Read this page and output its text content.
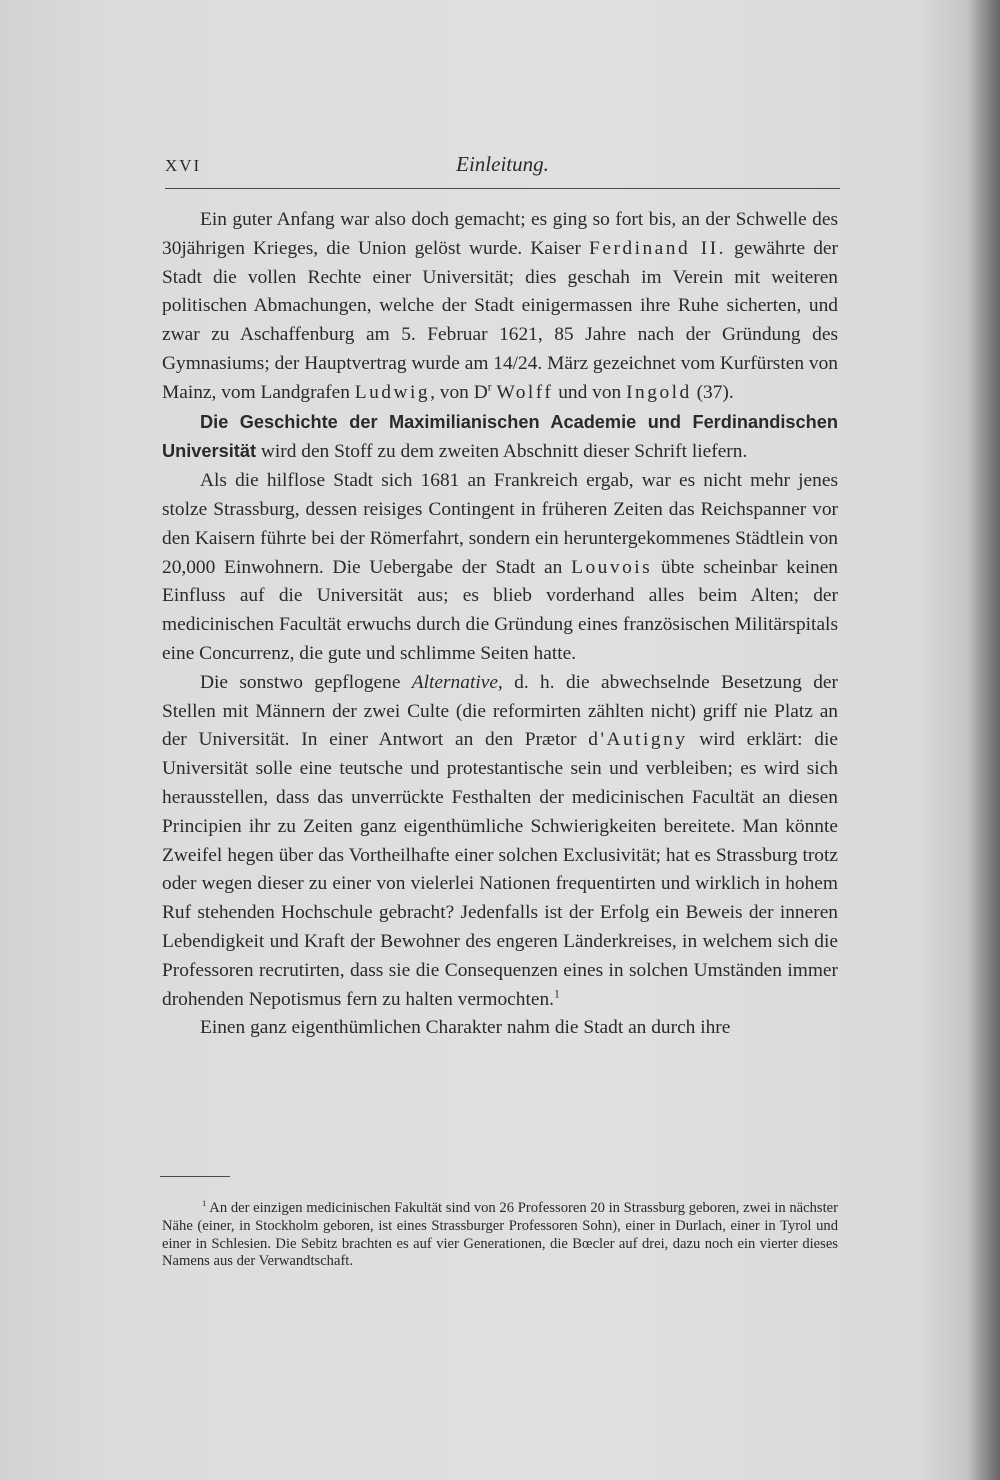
XVI	Einleitung.

Ein guter Anfang war also doch gemacht; es ging so fort bis, an der Schwelle des 30jährigen Krieges, die Union gelöst wurde. Kaiser Ferdinand II. gewährte der Stadt die vollen Rechte einer Universität; dies geschah im Verein mit weiteren politischen Abmachungen, welche der Stadt einigermassen ihre Ruhe sicherten, und zwar zu Aschaffenburg am 5. Februar 1621, 85 Jahre nach der Gründung des Gymnasiums; der Hauptvertrag wurde am 14/24. März gezeichnet vom Kurfürsten von Mainz, vom Landgrafen Ludwig, von $D^r$ Wolff und von Ingold (37).

Die Geschichte der Maximilianischen Academie und Ferdinandischen Universität wird den Stoff zu dem zweiten Abschnitt dieser Schrift liefern.

Als die hilflose Stadt sich 1681 an Frankreich ergab, war es nicht mehr jenes stolze Strassburg, dessen reisiges Contingent in früheren Zeiten das Reichspanner vor den Kaisern führte bei der Römerfahrt, sondern ein heruntergekommenes Städtlein von 20,000 Einwohnern. Die Uebergabe der Stadt an Louvois übte scheinbar keinen Einfluss auf die Universität aus; es blieb vorderhand alles beim Alten; der medicinischen Facultät erwuchs durch die Gründung eines französischen Militärspitals eine Concurrenz, die gute und schlimme Seiten hatte.

Die sonstwo gepflogene Alternative, d. h. die abwechselnde Besetzung der Stellen mit Männern der zwei Culte (die reformirten zählten nicht) griff nie Platz an der Universität. In einer Antwort an den Prætor d'Autigny wird erklärt: die Universität solle eine teutsche und protestantische sein und verbleiben; es wird sich herausstellen, dass das unverrückte Festhalten der medicinischen Facultät an diesen Principien ihr zu Zeiten ganz eigenthümliche Schwierigkeiten bereitete. Man könnte Zweifel hegen über das Vortheilhafte einer solchen Exclusivität; hat es Strassburg trotz oder wegen dieser zu einer von vielerlei Nationen frequentirten und wirklich in hohem Ruf stehenden Hochschule gebracht? Jedenfalls ist der Erfolg ein Beweis der inneren Lebendigkeit und Kraft der Bewohner des engeren Länderkreises, in welchem sich die Professoren recrutirten, dass sie die Consequenzen eines in solchen Umständen immer drohenden Nepotismus fern zu halten vermochten.$^1$

Einen ganz eigenthümlichen Charakter nahm die Stadt an durch ihre

$^1$ An der einzigen medicinischen Fakultät sind von 26 Professoren 20 in Strassburg geboren, zwei in nächster Nähe (einer, in Stockholm geboren, ist eines Strassburger Professoren Sohn), einer in Durlach, einer in Tyrol und einer in Schlesien. Die Sebitz brachten es auf vier Generationen, die Bœcler auf drei, dazu noch ein vierter dieses Namens aus der Verwandtschaft.
